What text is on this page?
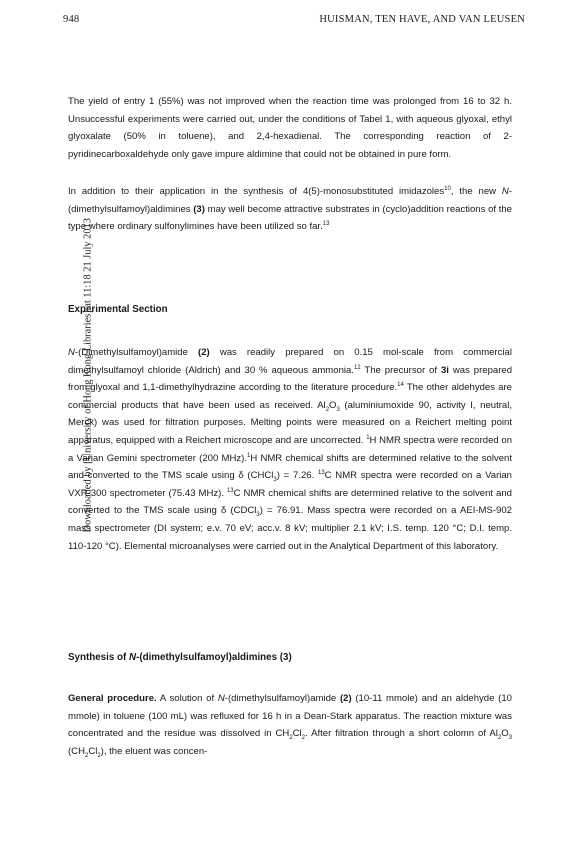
948	HUISMAN, TEN HAVE, AND VAN LEUSEN
Downloaded by [University of Hong Kong Libraries] at 11:18 21 July 2013

The yield of entry 1 (55%) was not improved when the reaction time was prolonged from 16 to 32 h. Unsuccessful experiments were carried out, under the conditions of Tabel 1, with aqueous glyoxal, ethyl glyoxalate (50% in toluene), and 2,4-hexadienal. The corresponding reaction of 2-pyridinecarboxaldehyde only gave impure aldimine that could not be obtained in pure form.

In addition to their application in the synthesis of 4(5)-monosubstituted imidazoles$^{10}$, the new N-(dimethylsulfamoyl)aldimines (3) may well become attractive substrates in (cyclo)addition reactions of the type where ordinary sulfonylimines have been utilized so far.$^{13}$

Experimental Section

N-(Dimethylsulfamoyl)amide (2) was readily prepared on 0.15 mol-scale from commercial dimethylsulfamoyl chloride (Aldrich) and 30 % aqueous ammonia.$^{12}$ The precursor of 3i was prepared from glyoxal and 1,1-dimethylhydrazine according to the literature procedure.$^{14}$ The other aldehydes are commercial products that have been used as received. $Al_2O_3$ (aluminiumoxide 90, activity I, neutral, Merck) was used for filtration purposes. Melting points were measured on a Reichert melting point apparatus, equipped with a Reichert microscope and are uncorrected. $^1$H NMR spectra were recorded on a Varian Gemini spectrometer (200 MHz).$^1$H NMR chemical shifts are determined relative to the solvent and converted to the TMS scale using δ (CHCl$_3$) = 7.26. $^{13}$C NMR spectra were recorded on a Varian VXR-300 spectrometer (75.43 MHz). $^{13}$C NMR chemical shifts are determined relative to the solvent and converted to the TMS scale using δ (CDCl$_3$) = 76.91. Mass spectra were recorded on a AEI-MS-902 mass spectrometer (DI system; e.v. 70 eV; acc.v. 8 kV; multiplier 2.1 kV; I.S. temp. 120 °C; D.I. temp. 110-120 °C). Elemental microanalyses were carried out in the Analytical Department of this laboratory.

Synthesis of N-(dimethylsulfamoyl)aldimines (3)

General procedure. A solution of N-(dimethylsulfamoyl)amide (2) (10-11 mmole) and an aldehyde (10 mmole) in toluene (100 mL) was refluxed for 16 h in a Dean-Stark apparatus. The reaction mixture was concentrated and the residue was dissolved in $CH_2Cl_2$. After filtration through a short colomn of $Al_2O_3$ $(CH_2Cl_2)$, the eluent was concen-
